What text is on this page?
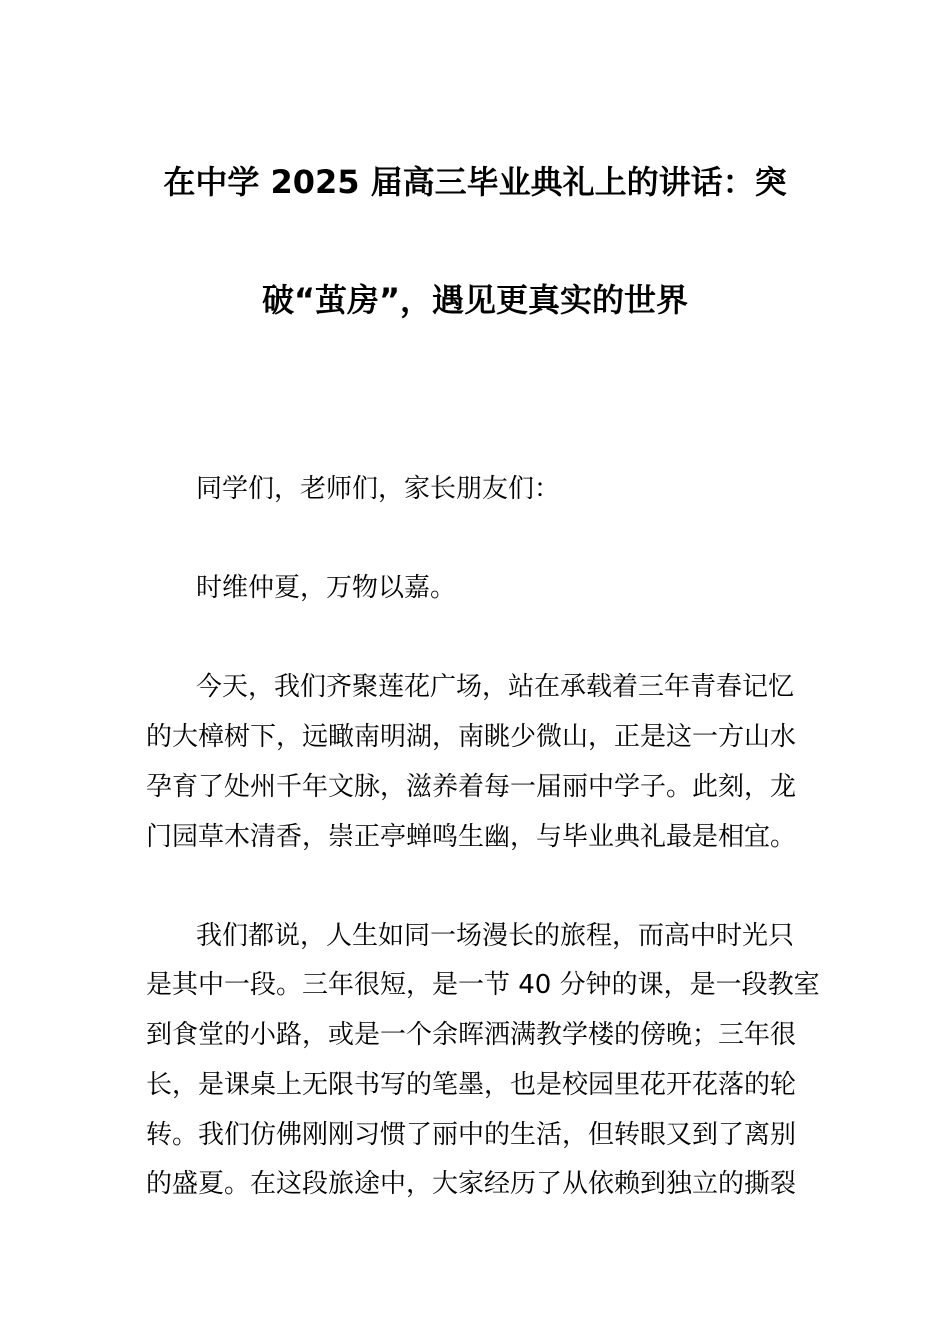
在中学 2025 届高三毕业典礼上的讲话：突
破“茧房”，遇见更真实的世界
同学们，老师们，家长朋友们：
时维仲夏，万物以嘉。
今天，我们齐聚莲花广场，站在承载着三年青春记忆
的大樟树下，远瞰南明湖，南眺少微山，正是这一方山水
孕育了处州千年文脉，滋养着每一届丽中学子。此刻，龙
门园草木清香，崇正亭蝉鸣生幽，与毕业典礼最是相宜。
我们都说，人生如同一场漫长的旅程，而高中时光只
是其中一段。三年很短，是一节 40 分钟的课，是一段教室
到食堂的小路，或是一个余晖洒满教学楼的傍晚；三年很
长，是课桌上无限书写的笔墨，也是校园里花开花落的轮
转。我们仿佛刚刚习惯了丽中的生活，但转眼又到了离别
的盛夏。在这段旅途中，大家经历了从依赖到独立的撕裂
